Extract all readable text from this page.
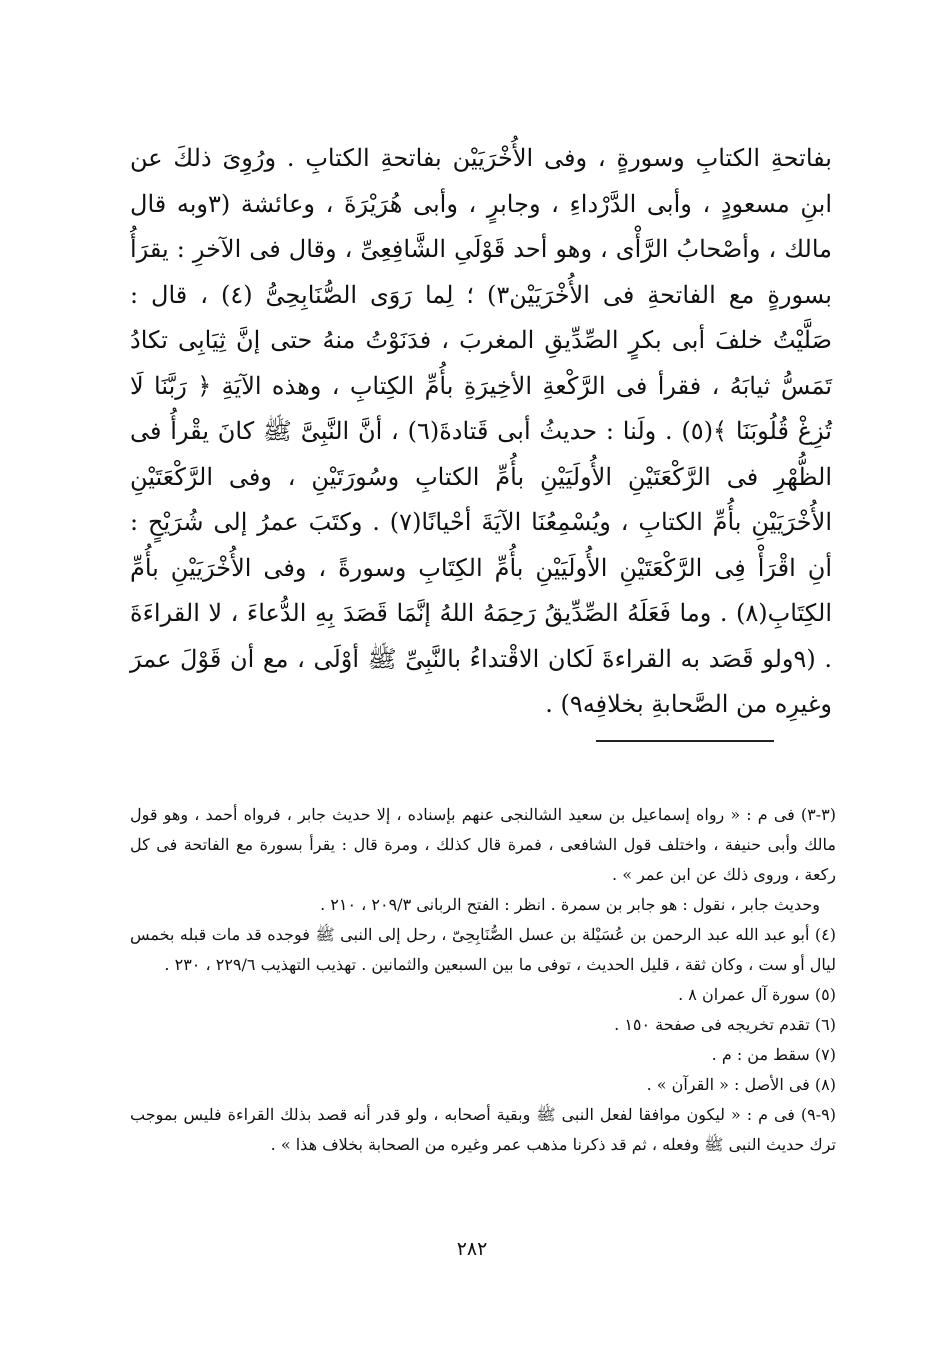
بفاتحةِ الكتابِ وسورةٍ ، وفى الأُخْرَيَيْن بفاتحةِ الكتابِ . ورُوِىَ ذلكَ عن ابنِ مسعودٍ ، وأبى الدَّرْداءِ ، وجابرٍ ، وأبى هُرَيْرَةَ ، وعائشة (٣وبه قال مالك ، وأصْحابُ الرَّأْى ، وهو أحد قَوْلَىِ الشَّافِعِىِّ ، وقال فى الآخرِ : يقرَأُ بسورةٍ مع الفاتحةِ فى الأُخْرَيَيْن٣) ؛ لِما رَوَى الصُّنَابِحِىُّ (٤) ، قال : صَلَّيْتُ خلفَ أبى بكرٍ الصِّدِّيقِ المغربَ ، فدَنَوْتُ منهُ حتى إنَّ ثِيَابِى تكادُ تَمَسُّ ثيابَهُ ، فقرأ فى الرَّكْعةِ الأخِيرَةِ بأُمِّ الكِتابِ ، وهذه الآيَةِ ﴿ رَبَّنَا لَا تُزِغْ قُلُوبَنَا ﴾(٥) . ولَنا : حديثُ أبى قَتادةَ(٦) ، أنَّ النَّبِىَّ ﷺ كانَ يقْرأُ فى الظُّهْرِ فى الرَّكْعَتَيْنِ الأُولَيَيْنِ بأُمِّ الكتابِ وسُورَتَيْنِ ، وفى الرَّكْعَتَيْنِ الأُخْرَيَيْنِ بأُمِّ الكتابِ ، ويُسْمِعُنَا الآيَةَ أحْيانًا(٧) . وكتَبَ عمرُ إلى شُرَيْحٍ : أنِ اقْرَأْ فِى الرَّكْعَتَيْنِ الأُولَيَيْنِ بأُمِّ الكِتَابِ وسورةً ، وفى الأُخْرَيَيْنِ بأُمِّ الكِتَابِ(٨) . وما فَعَلَهُ الصِّدِّيقُ رَحِمَهُ اللهُ إنَّمَا قَصَدَ بِهِ الدُّعاءَ ، لا القراءَةَ . (٩ولو قَصَد به القراءةَ لَكان الاقْتداءُ بالنَّبِىِّ ﷺ أوْلَى ، مع أن قَوْلَ عمرَ وغيرِه من الصَّحابةِ بخلافِه٩) .

(٣-٣) فى م : « رواه إسماعيل بن سعيد الشالنجى عنهم بإسناده ، إلا حديث جابر ، فرواه أحمد ، وهو قول مالك وأبى حنيفة ، واختلف قول الشافعى ، فمرة قال كذلك ، ومرة قال : يقرأ بسورة مع الفاتحة فى كل ركعة ، وروى ذلك عن ابن عمر » .

وحديث جابر ، نقول : هو جابر بن سمرة . انظر : الفتح الربانى ٢٠٩/٣ ، ٢١٠ .

(٤) أبو عبد الله عبد الرحمن بن عُسَيْلة بن عسل الصُّنَابِحِىّ ، رحل إلى النبى ﷺ فوجده قد مات قبله بخمس ليال أو ست ، وكان ثقة ، قليل الحديث ، توفى ما بين السبعين والثمانين . تهذيب التهذيب ٢٢٩/٦ ، ٢٣٠ .

(٥) سورة آل عمران ٨ .

(٦) تقدم تخريجه فى صفحة ١٥٠ .

(٧) سقط من : م .

(٨) فى الأصل : « القرآن » .

(٩-٩) فى م : « ليكون موافقا لفعل النبى ﷺ وبقية أصحابه ، ولو قدر أنه قصد بذلك القراءة فليس بموجب ترك حديث النبى ﷺ وفعله ، ثم قد ذكرنا مذهب عمر وغيره من الصحابة بخلاف هذا » .

٢٨٢
